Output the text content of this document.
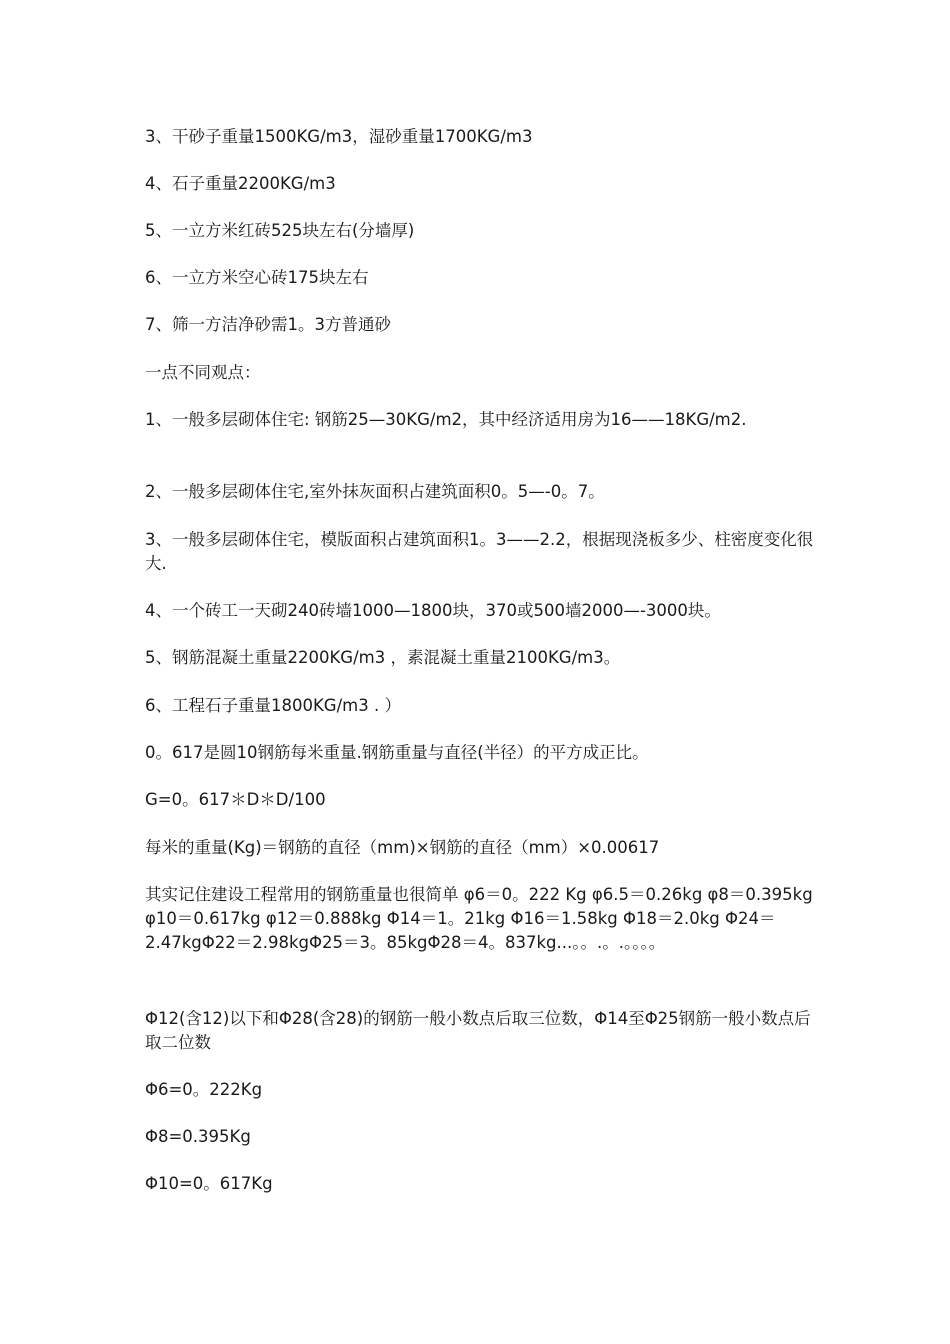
3、干砂子重量1500KG/m3，湿砂重量1700KG/m3
4、石子重量2200KG/m3
5、一立方米红砖525块左右(分墙厚)
6、一立方米空心砖175块左右
7、筛一方洁净砂需1。3方普通砂
一点不同观点：
1、一般多层砌体住宅: 钢筋25—30KG/m2，其中经济适用房为16——18KG/m2.
2、一般多层砌体住宅,室外抹灰面积占建筑面积0。5—-0。7。
3、一般多层砌体住宅，模版面积占建筑面积1。3——2.2，根据现浇板多少、柱密度变化很大.
4、一个砖工一天砌240砖墙1000—1800块，370或500墙2000—-3000块。
5、钢筋混凝土重量2200KG/m3 ，素混凝土重量2100KG/m3。
6、工程石子重量1800KG/m3 . ）
0。617是圆10钢筋每米重量.钢筋重量与直径(半径）的平方成正比。
G=0。617＊D＊D/100
每米的重量(Kg)＝钢筋的直径（mm)×钢筋的直径（mm）×0.00617
其实记住建设工程常用的钢筋重量也很简单 φ6＝0。222 Kg φ6.5＝0.26kg φ8＝0.395kg φ10＝0.617kg φ12＝0.888kg Φ14＝1。21kg Φ16＝1.58kg Φ18＝2.0kg Φ24＝2.47kgΦ22＝2.98kgΦ25＝3。85kgΦ28＝4。837kg...。。.。.。。。。
Φ12(含12)以下和Φ28(含28)的钢筋一般小数点后取三位数，Φ14至Φ25钢筋一般小数点后取二位数
Φ6=0。222Kg
Φ8=0.395Kg
Φ10=0。617Kg
